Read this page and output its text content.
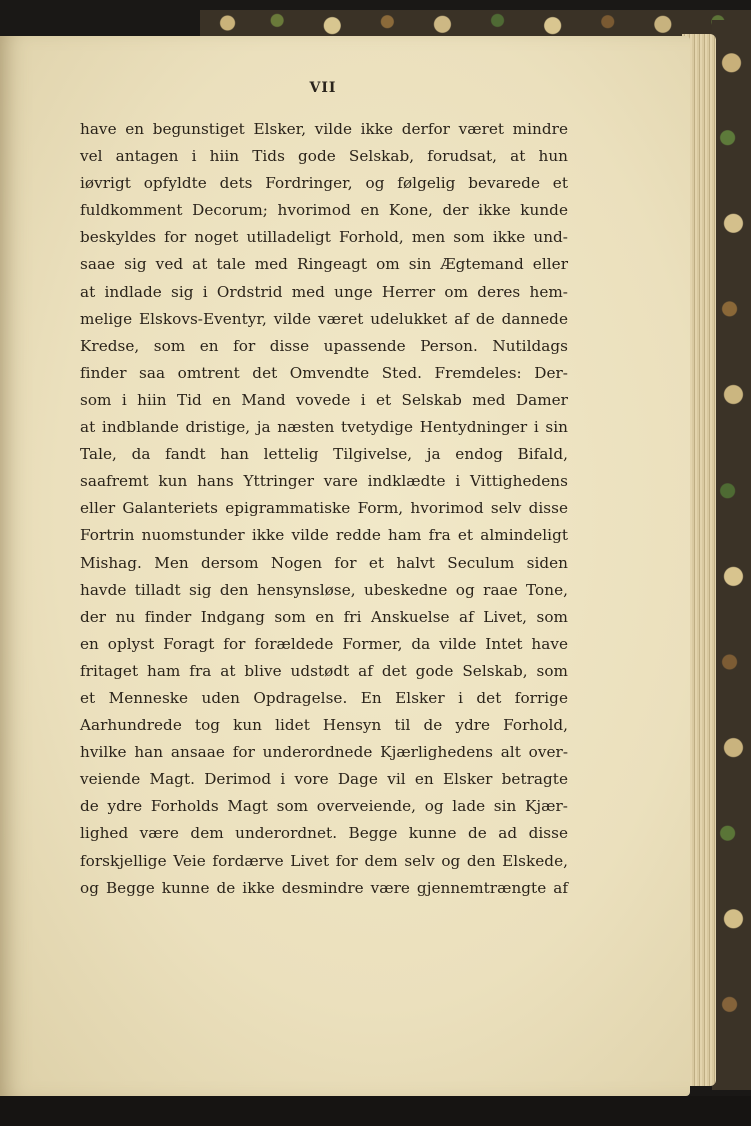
VII
have en begunstiget Elsker, vilde ikke derfor været mindre
vel antagen i hiin Tids gode Selskab, forudsat, at hun
iøvrigt opfyldte dets Fordringer, og følgelig bevarede et
fuldkomment Decorum; hvorimod en Kone, der ikke kunde
beskyldes for noget utilladeligt Forhold, men som ikke und-
saae sig ved at tale med Ringeagt om sin Ægtemand eller
at indlade sig i Ordstrid med unge Herrer om deres hem-
melige Elskovs-Eventyr, vilde været udelukket af de dannede
Kredse, som en for disse upassende Person. Nutildags
finder saa omtrent det Omvendte Sted. Fremdeles: Der-
som i hiin Tid en Mand vovede i et Selskab med Damer
at indblande dristige, ja næsten tvetydige Hentydninger i sin
Tale, da fandt han lettelig Tilgivelse, ja endog Bifald,
saafremt kun hans Yttringer vare indklædte i Vittighedens
eller Galanteriets epigrammatiske Form, hvorimod selv disse
Fortrin nuomstunder ikke vilde redde ham fra et almindeligt
Mishag. Men dersom Nogen for et halvt Seculum siden
havde tilladt sig den hensynsløse, ubeskedne og raae Tone,
der nu finder Indgang som en fri Anskuelse af Livet, som
en oplyst Foragt for forældede Former, da vilde Intet have
fritaget ham fra at blive udstødt af det gode Selskab, som
et Menneske uden Opdragelse. En Elsker i det forrige
Aarhundrede tog kun lidet Hensyn til de ydre Forhold,
hvilke han ansaae for underordnede Kjærlighedens alt over-
veiende Magt. Derimod i vore Dage vil en Elsker betragte
de ydre Forholds Magt som overveiende, og lade sin Kjær-
lighed være dem underordnet. Begge kunne de ad disse
forskjellige Veie fordærve Livet for dem selv og den Elskede,
og Begge kunne de ikke desmindre være gjennemtrængte af
